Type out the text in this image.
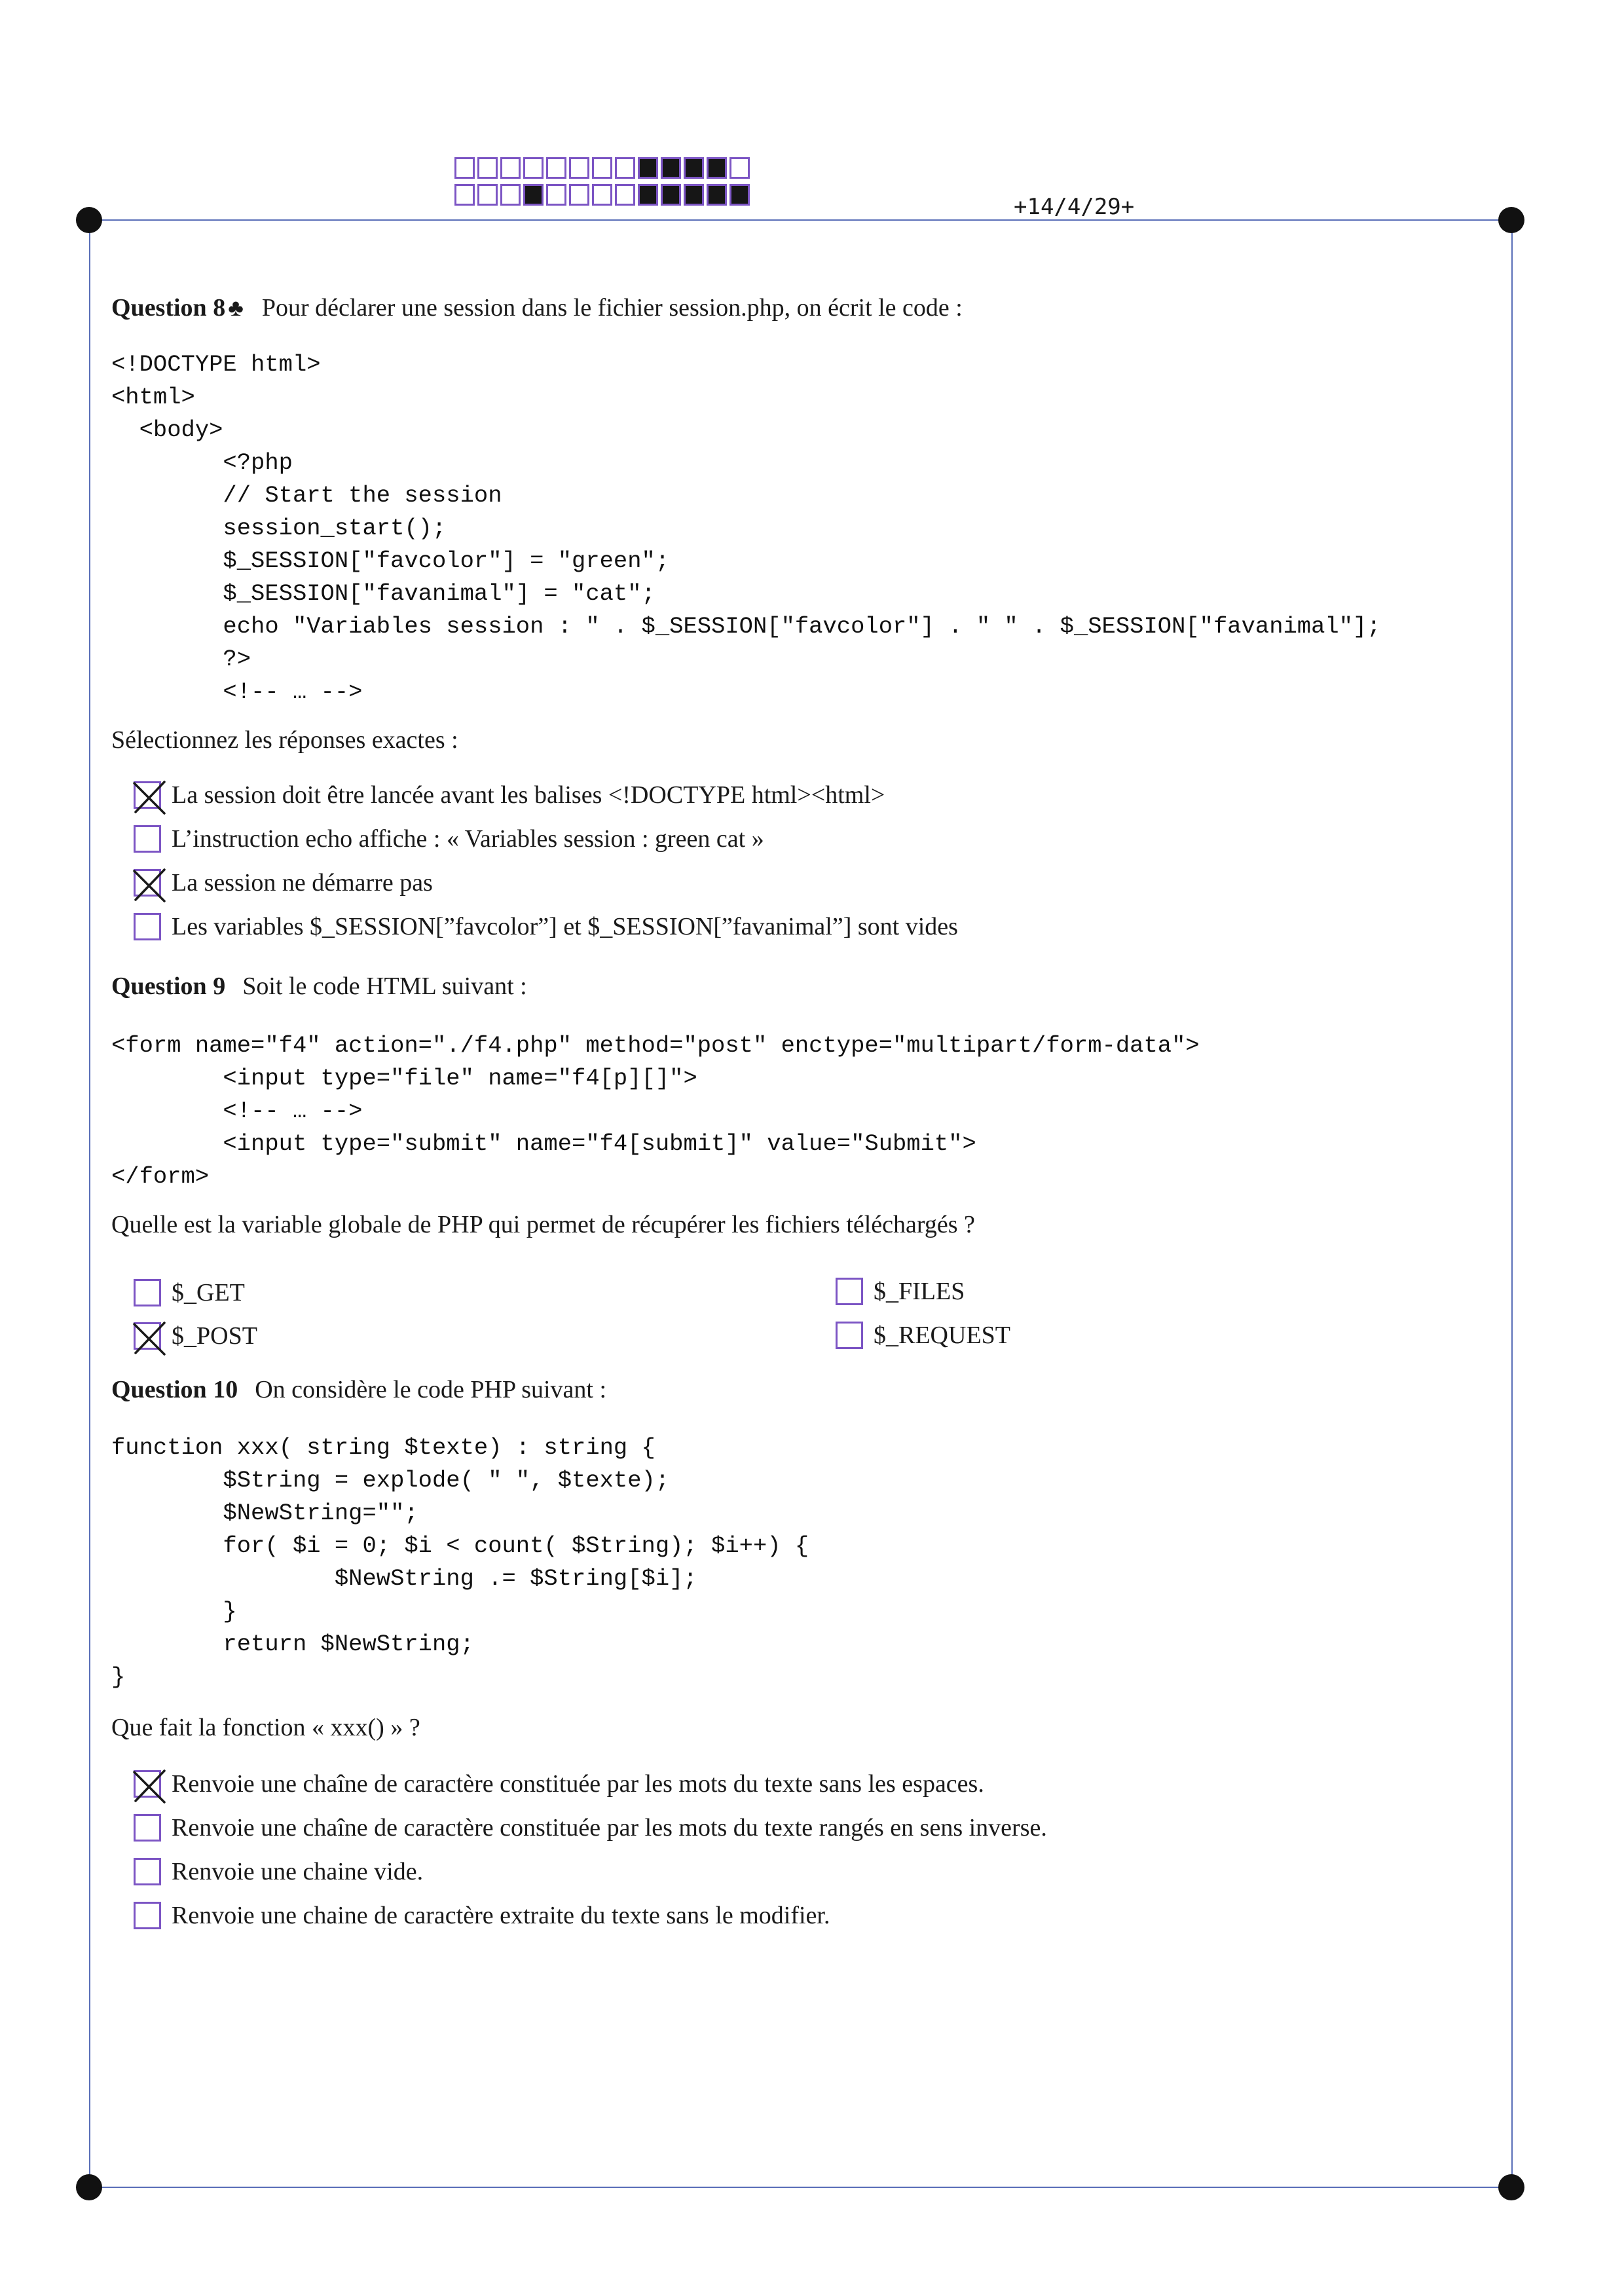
+14/4/29+
Question 8 ♣ Pour déclarer une session dans le fichier session.php, on écrit le code :
<!DOCTYPE html>
<html>
<body>
<?php
// Start the session
session_start();
$_SESSION["favcolor"] = "green";
$_SESSION["favanimal"] = "cat";
echo "Variables session : " . $_SESSION["favcolor"] . " " . $_SESSION["favanimal"];
?>
<!-- … -->
Sélectionnez les réponses exactes :
La session doit être lancée avant les balises <!DOCTYPE html><html>
L’instruction echo affiche : « Variables session : green cat »
La session ne démarre pas
Les variables $_SESSION[”favcolor”] et $_SESSION[”favanimal”] sont vides
Question 9 Soit le code HTML suivant :
<form name="f4" action="./f4.php" method="post" enctype="multipart/form-data">
<input type="file" name="f4[p][]">
<!-- … -->
<input type="submit" name="f4[submit]" value="Submit">
</form>
Quelle est la variable globale de PHP qui permet de récupérer les fichiers téléchargés ?
$_GET	$_FILES
$_POST	$_REQUEST
Question 10 On considère le code PHP suivant :
function xxx( string $texte) : string {
$String = explode( " ", $texte);
$NewString="";
for( $i = 0; $i < count( $String); $i++) {
$NewString .= $String[$i];
}
return $NewString;
}
Que fait la fonction « xxx() » ?
Renvoie une chaîne de caractère constituée par les mots du texte sans les espaces.
Renvoie une chaîne de caractère constituée par les mots du texte rangés en sens inverse.
Renvoie une chaine vide.
Renvoie une chaine de caractère extraite du texte sans le modifier.
